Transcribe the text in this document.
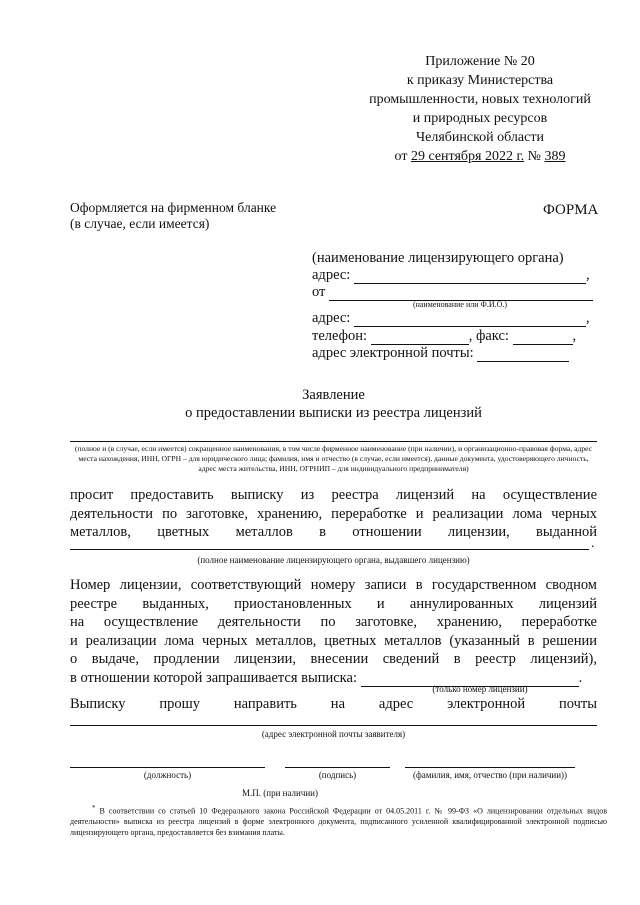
Приложение № 20
к приказу Министерства
промышленности, новых технологий
и природных ресурсов
Челябинской области
от 29 сентября 2022 г. № 389
Оформляется на фирменном бланке
(в случае, если имеется)
ФОРМА
(наименование лицензирующего органа)
адрес:	,
от
(наименование или Ф.И.О.)
адрес:	,
телефон:	, факс:	,
адрес электронной почты:
Заявление
о предоставлении выписки из реестра лицензий
(полное и (в случае, если имеется) сокращенное наименования, в том числе фирменное наименование (при наличии), и организационно-правовая форма, адрес места нахождения, ИНН, ОГРН – для юридического лица; фамилия, имя и отчество (в случае, если имеется), данные документа, удостоверяющего личность, адрес места жительства, ИНН, ОГРНИП – для индивидуального предпринимателя)

просит предоставить выписку из реестра лицензий на осуществление

деятельности по заготовке, хранению, переработке и реализации лома черных

металлов, цветных металлов в отношении лицензии, выданной

.
(полное наименование лицензирующего органа, выдавшего лицензию)

Номер лицензии, соответствующий номеру записи в государственном сводном

реестре выданных, приостановленных и аннулированных лицензий

на осуществление деятельности по заготовке, хранению, переработке

и реализации лома черных металлов, цветных металлов (указанный в решении

о выдаче, продлении лицензии, внесении сведений в реестр лицензий),

в отношении которой запрашивается выписка:	.

(только номер лицензии)

Выписку прошу направить на адрес электронной почты

(адрес электронной почты заявителя)
(должность)	(подпись)	(фамилия, имя, отчество (при наличии))
М.П. (при наличии)
* В соответствии со статьей 10 Федерального закона Российской Федерации от 04.05.2011 г. № 99-ФЗ «О лицензировании отдельных видов деятельности» выписка из реестра лицензий в форме электронного документа, подписанного усиленной квалифицированной электронной подписью лицензирующего органа, предоставляется без взимания платы.
